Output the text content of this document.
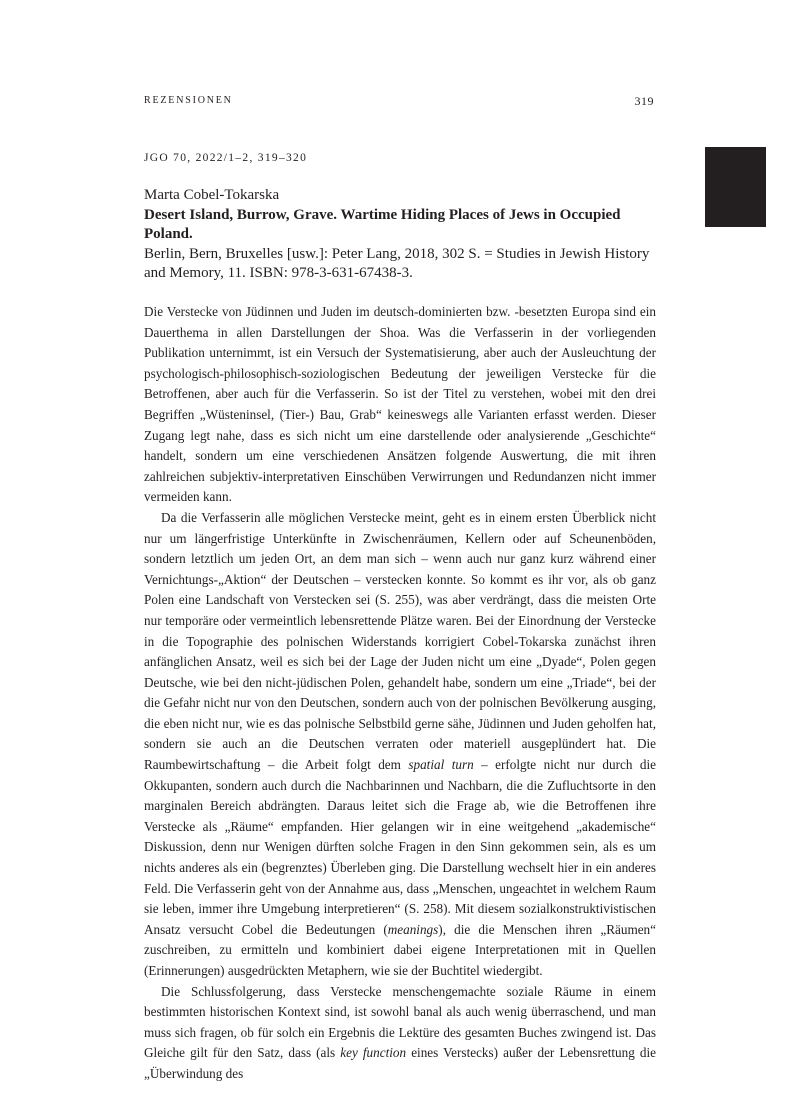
REZENSIONEN	319
JGO 70, 2022/1–2, 319–320
Marta Cobel-Tokarska
Desert Island, Burrow, Grave. Wartime Hiding Places of Jews in Occupied Poland.
Berlin, Bern, Bruxelles [usw.]: Peter Lang, 2018, 302 S. = Studies in Jewish History and Memory, 11. ISBN: 978-3-631-67438-3.

Die Verstecke von Jüdinnen und Juden im deutsch-dominierten bzw. -besetzten Europa sind ein Dauerthema in allen Darstellungen der Shoa. Was die Verfasserin in der vorliegenden Publikation unternimmt, ist ein Versuch der Systematisierung, aber auch der Ausleuchtung der psychologisch-philosophisch-soziologischen Bedeutung der jeweiligen Verstecke für die Betroffenen, aber auch für die Verfasserin. So ist der Titel zu verstehen, wobei mit den drei Begriffen „Wüsteninsel, (Tier-) Bau, Grab“ keineswegs alle Varianten erfasst werden. Dieser Zugang legt nahe, dass es sich nicht um eine darstellende oder analysierende „Geschichte“ handelt, sondern um eine verschiedenen Ansätzen folgende Auswertung, die mit ihren zahlreichen subjektiv-interpretativen Einschüben Verwirrungen und Redundanzen nicht immer vermeiden kann.

Da die Verfasserin alle möglichen Verstecke meint, geht es in einem ersten Überblick nicht nur um längerfristige Unterkünfte in Zwischenräumen, Kellern oder auf Scheunenböden, sondern letztlich um jeden Ort, an dem man sich – wenn auch nur ganz kurz während einer Vernichtungs-„Aktion“ der Deutschen – verstecken konnte. So kommt es ihr vor, als ob ganz Polen eine Landschaft von Verstecken sei (S. 255), was aber verdrängt, dass die meisten Orte nur temporäre oder vermeintlich lebensrettende Plätze waren. Bei der Einordnung der Verstecke in die Topographie des polnischen Widerstands korrigiert Cobel-Tokarska zunächst ihren anfänglichen Ansatz, weil es sich bei der Lage der Juden nicht um eine „Dyade“, Polen gegen Deutsche, wie bei den nicht-jüdischen Polen, gehandelt habe, sondern um eine „Triade“, bei der die Gefahr nicht nur von den Deutschen, sondern auch von der polnischen Bevölkerung ausging, die eben nicht nur, wie es das polnische Selbstbild gerne sähe, Jüdinnen und Juden geholfen hat, sondern sie auch an die Deutschen verraten oder materiell ausgeplündert hat. Die Raumbewirtschaftung – die Arbeit folgt dem spatial turn – erfolgte nicht nur durch die Okkupanten, sondern auch durch die Nachbarinnen und Nachbarn, die die Zufluchtsorte in den marginalen Bereich abdrängten. Daraus leitet sich die Frage ab, wie die Betroffenen ihre Verstecke als „Räume“ empfanden. Hier gelangen wir in eine weitgehend „akademische“ Diskussion, denn nur Wenigen dürften solche Fragen in den Sinn gekommen sein, als es um nichts anderes als ein (begrenztes) Überleben ging. Die Darstellung wechselt hier in ein anderes Feld. Die Verfasserin geht von der Annahme aus, dass „Menschen, ungeachtet in welchem Raum sie leben, immer ihre Umgebung interpretieren“ (S. 258). Mit diesem sozialkonstruktivistischen Ansatz versucht Cobel die Bedeutungen (meanings), die die Menschen ihren „Räumen“ zuschreiben, zu ermitteln und kombiniert dabei eigene Interpretationen mit in Quellen (Erinnerungen) ausgedrückten Metaphern, wie sie der Buchtitel wiedergibt.

Die Schlussfolgerung, dass Verstecke menschengemachte soziale Räume in einem bestimmten historischen Kontext sind, ist sowohl banal als auch wenig überraschend, und man muss sich fragen, ob für solch ein Ergebnis die Lektüre des gesamten Buches zwingend ist. Das Gleiche gilt für den Satz, dass (als key function eines Verstecks) außer der Lebensrettung die „Überwindung des
